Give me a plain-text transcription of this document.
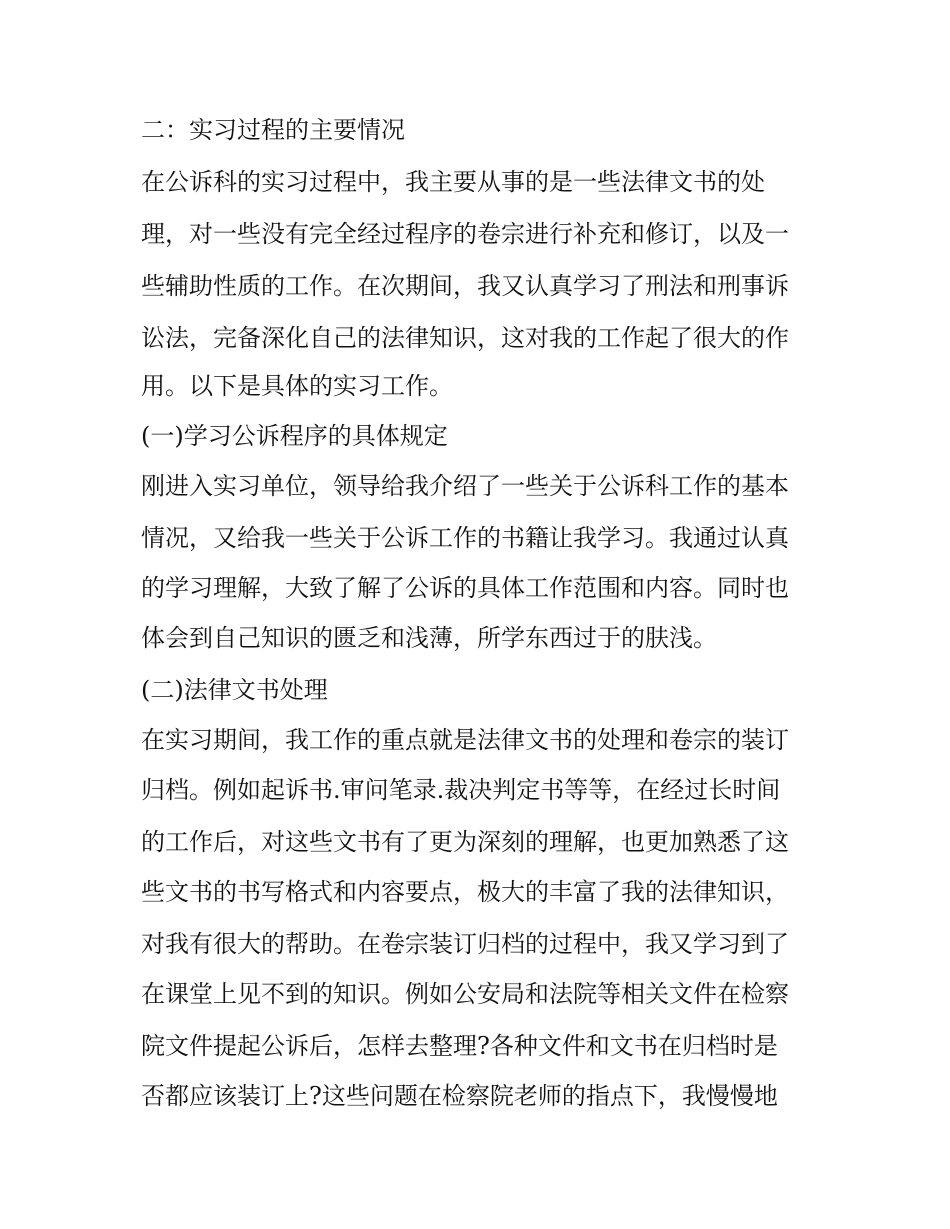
二：实习过程的主要情况
在公诉科的实习过程中，我主要从事的是一些法律文书的处
理，对一些没有完全经过程序的卷宗进行补充和修订，以及一
些辅助性质的工作。在次期间，我又认真学习了刑法和刑事诉
讼法，完备深化自己的法律知识，这对我的工作起了很大的作
用。以下是具体的实习工作。
(一)学习公诉程序的具体规定
刚进入实习单位，领导给我介绍了一些关于公诉科工作的基本
情况，又给我一些关于公诉工作的书籍让我学习。我通过认真
的学习理解，大致了解了公诉的具体工作范围和内容。同时也
体会到自己知识的匮乏和浅薄，所学东西过于的肤浅。
(二)法律文书处理
在实习期间，我工作的重点就是法律文书的处理和卷宗的装订
归档。例如起诉书.审问笔录.裁决判定书等等，在经过长时间
的工作后，对这些文书有了更为深刻的理解，也更加熟悉了这
些文书的书写格式和内容要点，极大的丰富了我的法律知识，
对我有很大的帮助。在卷宗装订归档的过程中，我又学习到了
在课堂上见不到的知识。例如公安局和法院等相关文件在检察
院文件提起公诉后，怎样去整理?各种文件和文书在归档时是
否都应该装订上?这些问题在检察院老师的指点下，我慢慢地
